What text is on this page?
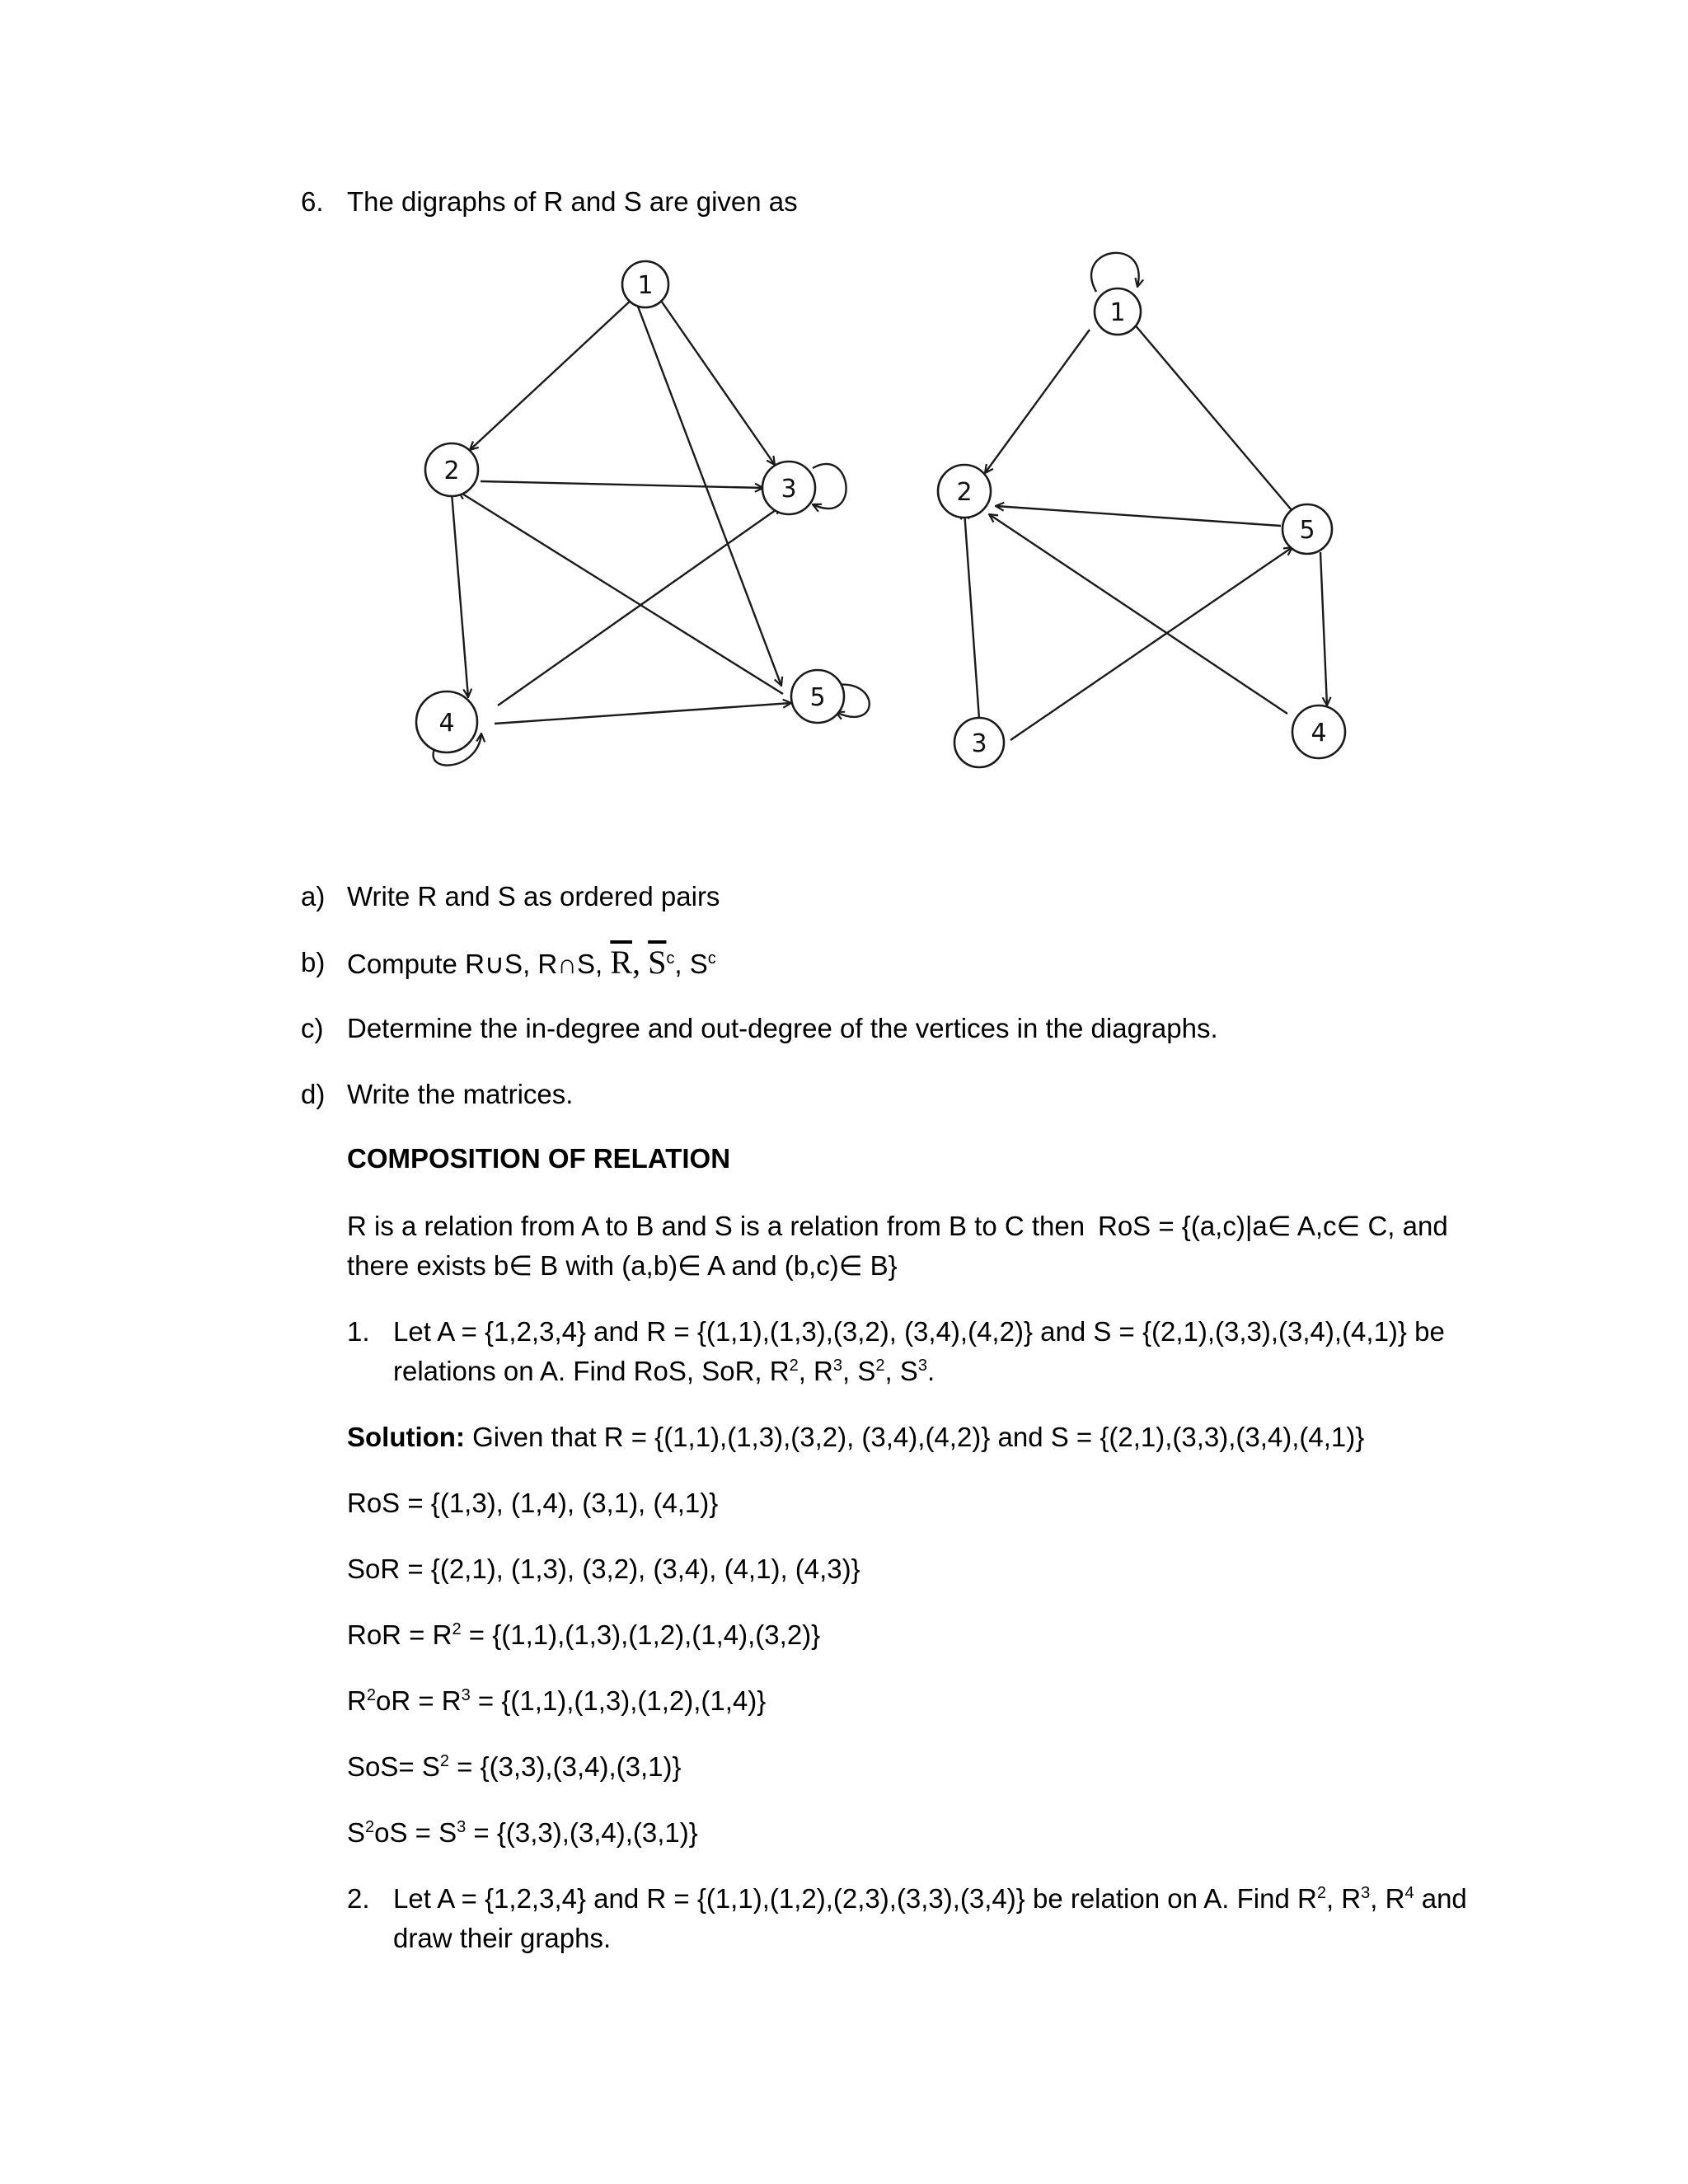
6. The digraphs of R and S are given as
1
2
3
4
5
1
2
3	4
5
a) Write R and S as ordered pairs
b) Compute R∪S, R∩S, $\overline{R}$, $\overline{S}^c$, $S^c$
c) Determine the in-degree and out-degree of the vertices in the diagraphs.
d) Write the matrices.
COMPOSITION OF RELATION
R is a relation from A to B and S is a relation from B to C then RoS = {(a,c)|a∈ A,c∈ C, and
there exists b∈ B with (a,b)∈ A and (b,c)∈ B}
1. Let A = {1,2,3,4} and R = {(1,1),(1,3),(3,2), (3,4),(4,2)} and S = {(2,1),(3,3),(3,4),(4,1)} be
relations on A. Find RoS, SoR, $R^2$, $R^3$, $S^2$, $S^3$.
Solution: Given that R = {(1,1),(1,3),(3,2), (3,4),(4,2)} and S = {(2,1),(3,3),(3,4),(4,1)}
RoS = {(1,3), (1,4), (3,1), (4,1)}
SoR = {(2,1), (1,3), (3,2), (3,4), (4,1), (4,3)}
RoR = $R^2 = \{(1,1),(1,3),(1,2),(1,4),(3,2)\}$
$R^2oR = R^3 = \{(1,1),(1,3),(1,2),(1,4)\}$
$SoS= S^2 = \{(3,3),(3,4),(3,1)\}$
$S^2oS = S^3 = \{(3,3),(3,4),(3,1)\}$
2. Let A = {1,2,3,4} and R = {(1,1),(1,2),(2,3),(3,3),(3,4)} be relation on A. Find $R^2$, $R^3$, $R^4$ and
draw their graphs.
